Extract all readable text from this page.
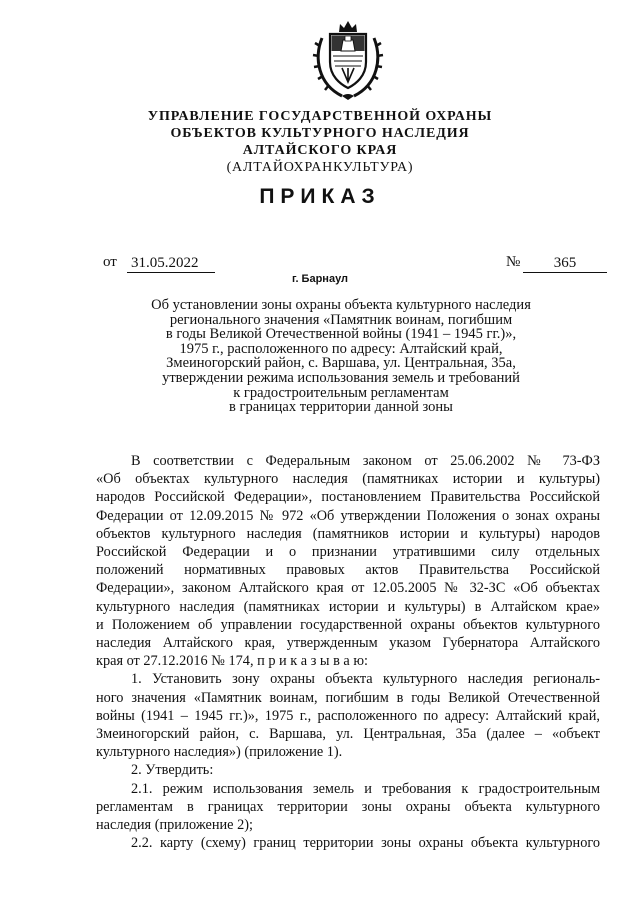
УПРАВЛЕНИЕ ГОСУДАРСТВЕННОЙ ОХРАНЫ
ОБЪЕКТОВ КУЛЬТУРНОГО НАСЛЕДИЯ
АЛТАЙСКОГО КРАЯ
(АЛТАЙОХРАНКУЛЬТУРА)
ПРИКАЗ
от 31.05.2022	№	365
г. Барнаул
Об установлении зоны охраны объекта культурного наследия
регионального значения «Памятник воинам, погибшим
в годы Великой Отечественной войны (1941 – 1945 гг.)»,
1975 г., расположенного по адресу: Алтайский край,
Змеиногорский район, с. Варшава, ул. Центральная, 35а,
утверждении режима использования земель и требований
к градостроительным регламентам
в границах территории данной зоны

В соответствии с Федеральным законом от 25.06.2002 № 73-ФЗ
«Об объектах культурного наследия (памятниках истории и культуры)
народов Российской Федерации», постановлением Правительства Российской
Федерации от 12.09.2015 № 972 «Об утверждении Положения о зонах охраны
объектов культурного наследия (памятников истории и культуры) народов
Российской Федерации и о признании утратившими силу отдельных
положений нормативных правовых актов Правительства Российской
Федерации», законом Алтайского края от 12.05.2005 № 32-ЗС «Об объектах
культурного наследия (памятниках истории и культуры) в Алтайском крае»
и Положением об управлении государственной охраны объектов культурного
наследия Алтайского края, утвержденным указом Губернатора Алтайского
края от 27.12.2016 № 174, п р и к а з ы в а ю:

1. Установить зону охраны объекта культурного наследия региональ-
ного значения «Памятник воинам, погибшим в годы Великой Отечественной
войны (1941 – 1945 гг.)», 1975 г., расположенного по адресу: Алтайский край,
Змеиногорский район, с. Варшава, ул. Центральная, 35а (далее – «объект
культурного наследия») (приложение 1).

2. Утвердить:

2.1. режим использования земель и требования к градостроительным
регламентам в границах территории зоны охраны объекта культурного
наследия (приложение 2);

2.2. карту (схему) границ территории зоны охраны объекта культурного
